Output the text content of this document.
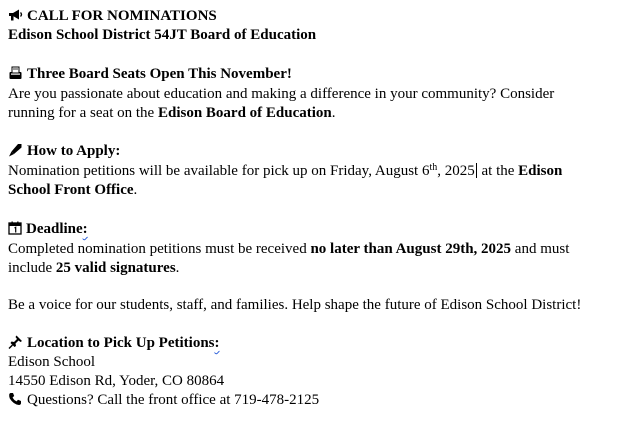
CALL FOR NOMINATIONS
Edison School District 54JT Board of Education
Three Board Seats Open This November!
Are you passionate about education and making a difference in your community? Consider
running for a seat on the Edison Board of Education.
How to Apply:
Nomination petitions will be available for pick up on Friday, August 6th, 2025 at the Edison
School Front Office.
Deadline:
Completed nomination petitions must be received no later than August 29th, 2025 and must
include 25 valid signatures.
Be a voice for our students, staff, and families. Help shape the future of Edison School District!
Location to Pick Up Petitions:
Edison School
14550 Edison Rd, Yoder, CO 80864
Questions? Call the front office at 719-478-2125
